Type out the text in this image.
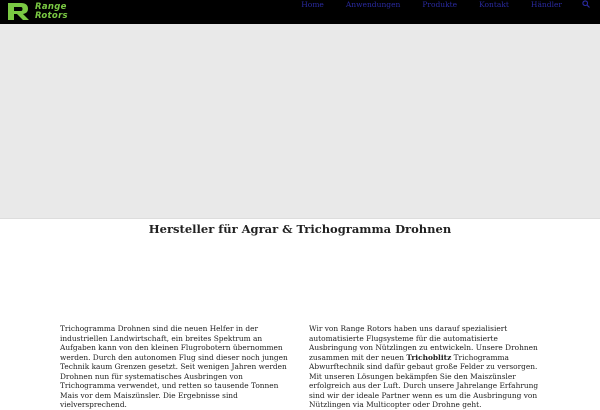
Range
Rotors
Home	Anwendungen	Produkte	Kontakt	Händler
Hersteller für Agrar & Trichogramma Drohnen

Trichogramma Drohnen sind die neuen Helfer in der industriellen Landwirtschaft, ein breites Spektrum an Aufgaben kann von den kleinen Flugrobotern übernommen werden. Durch den autonomen Flug sind dieser noch jungen Technik kaum Grenzen gesetzt. Seit wenigen Jahren werden Drohnen nun für systematisches Ausbringen von Trichogramma verwendet, und retten so tausende Tonnen Mais vor dem Maiszünsler. Die Ergebnisse sind vielversprechend.

Wir von Range Rotors haben uns darauf spezialisiert automatisierte Flugsysteme für die automatisierte Ausbringung von Nützlingen zu entwickeln. Unsere Drohnen zusammen mit der neuen Trichoblitz Trichogramma Abwurftechnik sind dafür gebaut große Felder zu versorgen. Mit unseren Lösungen bekämpfen Sie den Maiszünsler erfolgreich aus der Luft. Durch unsere Jahrelange Erfahrung sind wir der ideale Partner wenn es um die Ausbringung von Nützlingen via Multicopter oder Drohne geht.
